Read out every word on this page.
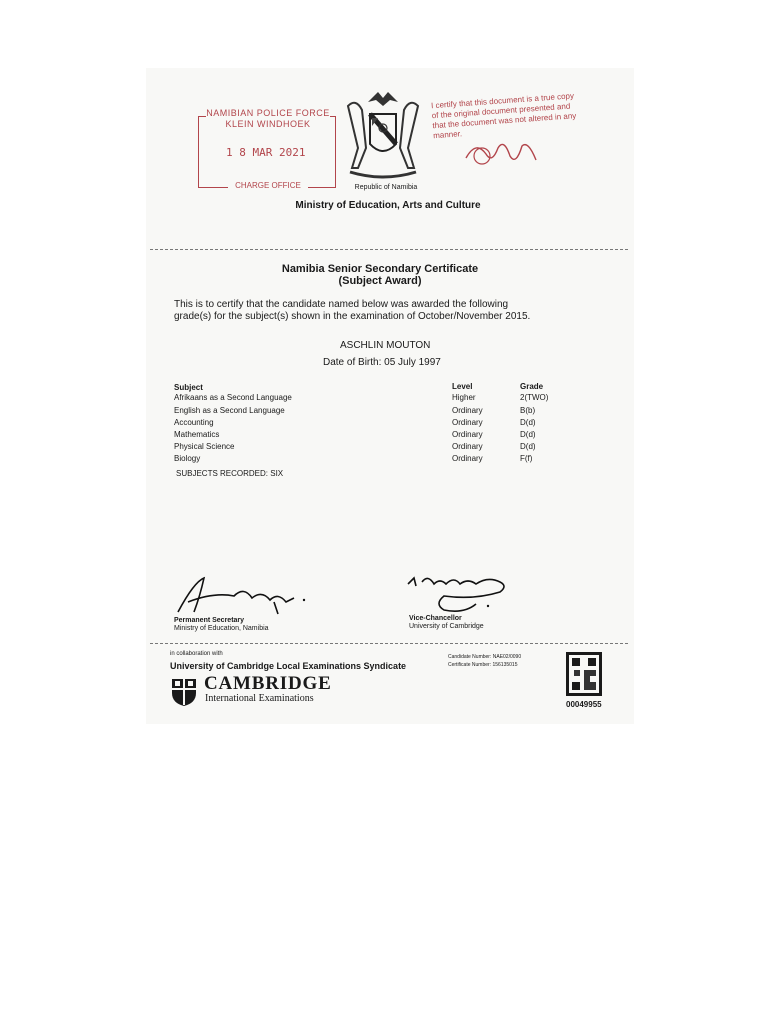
NAMIBIAN POLICE FORCE
KLEIN WINDHOEK
1 8 MAR 2021
CHARGE OFFICE	Republic of Namibia
I certify that this document is a true copy of the original document presented and that the document was not altered in any manner.
Ministry of Education, Arts and Culture
Namibia Senior Secondary Certificate
(Subject Award)
This is to certify that the candidate named below was awarded the following
grade(s) for the subject(s) shown in the examination of October/November 2015.
ASCHLIN MOUTON
Date of Birth: 05 July 1997
Subject	Level	Grade
Afrikaans as a Second Language	Higher	2(TWO)
English as a Second Language	Ordinary	B(b)
Accounting	Ordinary	D(d)
Mathematics	Ordinary	D(d)
Physical Science	Ordinary	D(d)
Biology	Ordinary	F(f)
SUBJECTS RECORDED: SIX
Permanent Secretary
Ministry of Education, Namibia
Vice-Chancellor
University of Cambridge
in collaboration with
University of Cambridge Local Examinations Syndicate
CAMBRIDGE
International Examinations
Candidate Number: NAE02/0090
Certificate Number: 156135015
00049955
